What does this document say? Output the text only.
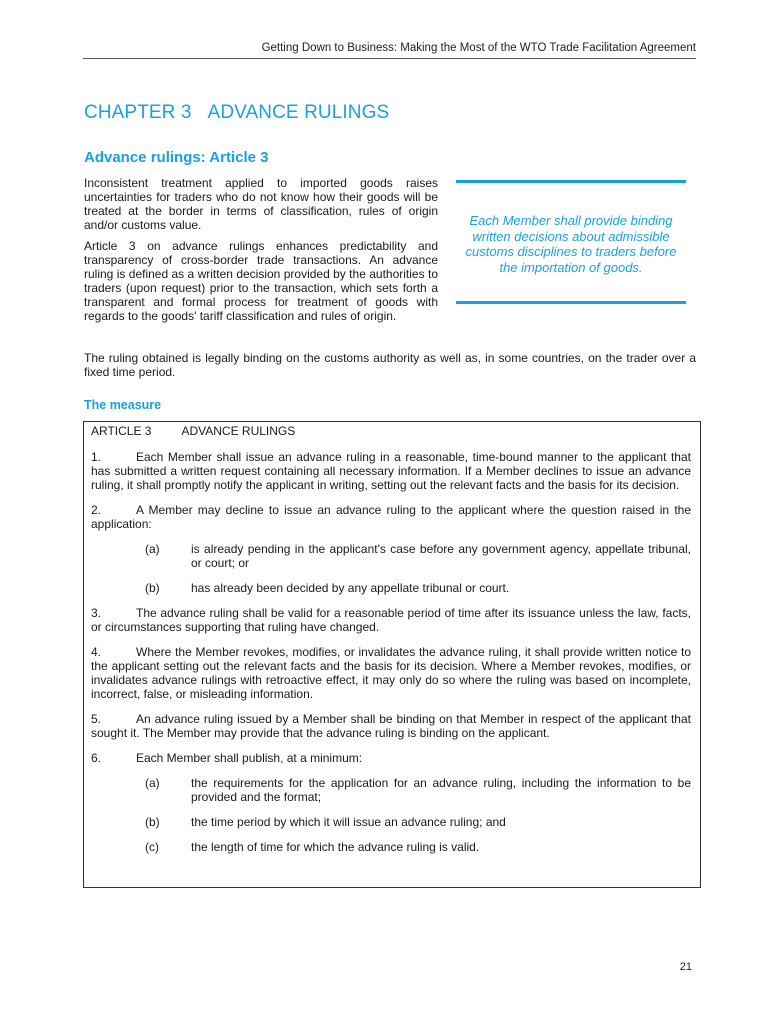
Getting Down to Business: Making the Most of the WTO Trade Facilitation Agreement
CHAPTER 3 ADVANCE RULINGS
Advance rulings: Article 3

Inconsistent treatment applied to imported goods raises uncertainties for traders who do not know how their goods will be treated at the border in terms of classification, rules of origin and/or customs value.

Article 3 on advance rulings enhances predictability and transparency of cross-border trade transactions. An advance ruling is defined as a written decision provided by the authorities to traders (upon request) prior to the transaction, which sets forth a transparent and formal process for treatment of goods with regards to the goods' tariff classification and rules of origin.

Each Member shall provide binding written decisions about admissible customs disciplines to traders before the importation of goods.

The ruling obtained is legally binding on the customs authority as well as, in some countries, on the trader over a fixed time period.

The measure
ARTICLE 3	ADVANCE RULINGS
1.	Each Member shall issue an advance ruling in a reasonable, time-bound manner to the applicant that has submitted a written request containing all necessary information. If a Member declines to issue an advance ruling, it shall promptly notify the applicant in writing, setting out the relevant facts and the basis for its decision.
2.	A Member may decline to issue an advance ruling to the applicant where the question raised in the application:
(a)	is already pending in the applicant's case before any government agency, appellate tribunal, or court; or
(b)	has already been decided by any appellate tribunal or court.
3.	The advance ruling shall be valid for a reasonable period of time after its issuance unless the law, facts, or circumstances supporting that ruling have changed.
4.	Where the Member revokes, modifies, or invalidates the advance ruling, it shall provide written notice to the applicant setting out the relevant facts and the basis for its decision. Where a Member revokes, modifies, or invalidates advance rulings with retroactive effect, it may only do so where the ruling was based on incomplete, incorrect, false, or misleading information.
5.	An advance ruling issued by a Member shall be binding on that Member in respect of the applicant that sought it. The Member may provide that the advance ruling is binding on the applicant.
6.	Each Member shall publish, at a minimum:
(a)	the requirements for the application for an advance ruling, including the information to be provided and the format;
(b)	the time period by which it will issue an advance ruling; and
(c)	the length of time for which the advance ruling is valid.
21
